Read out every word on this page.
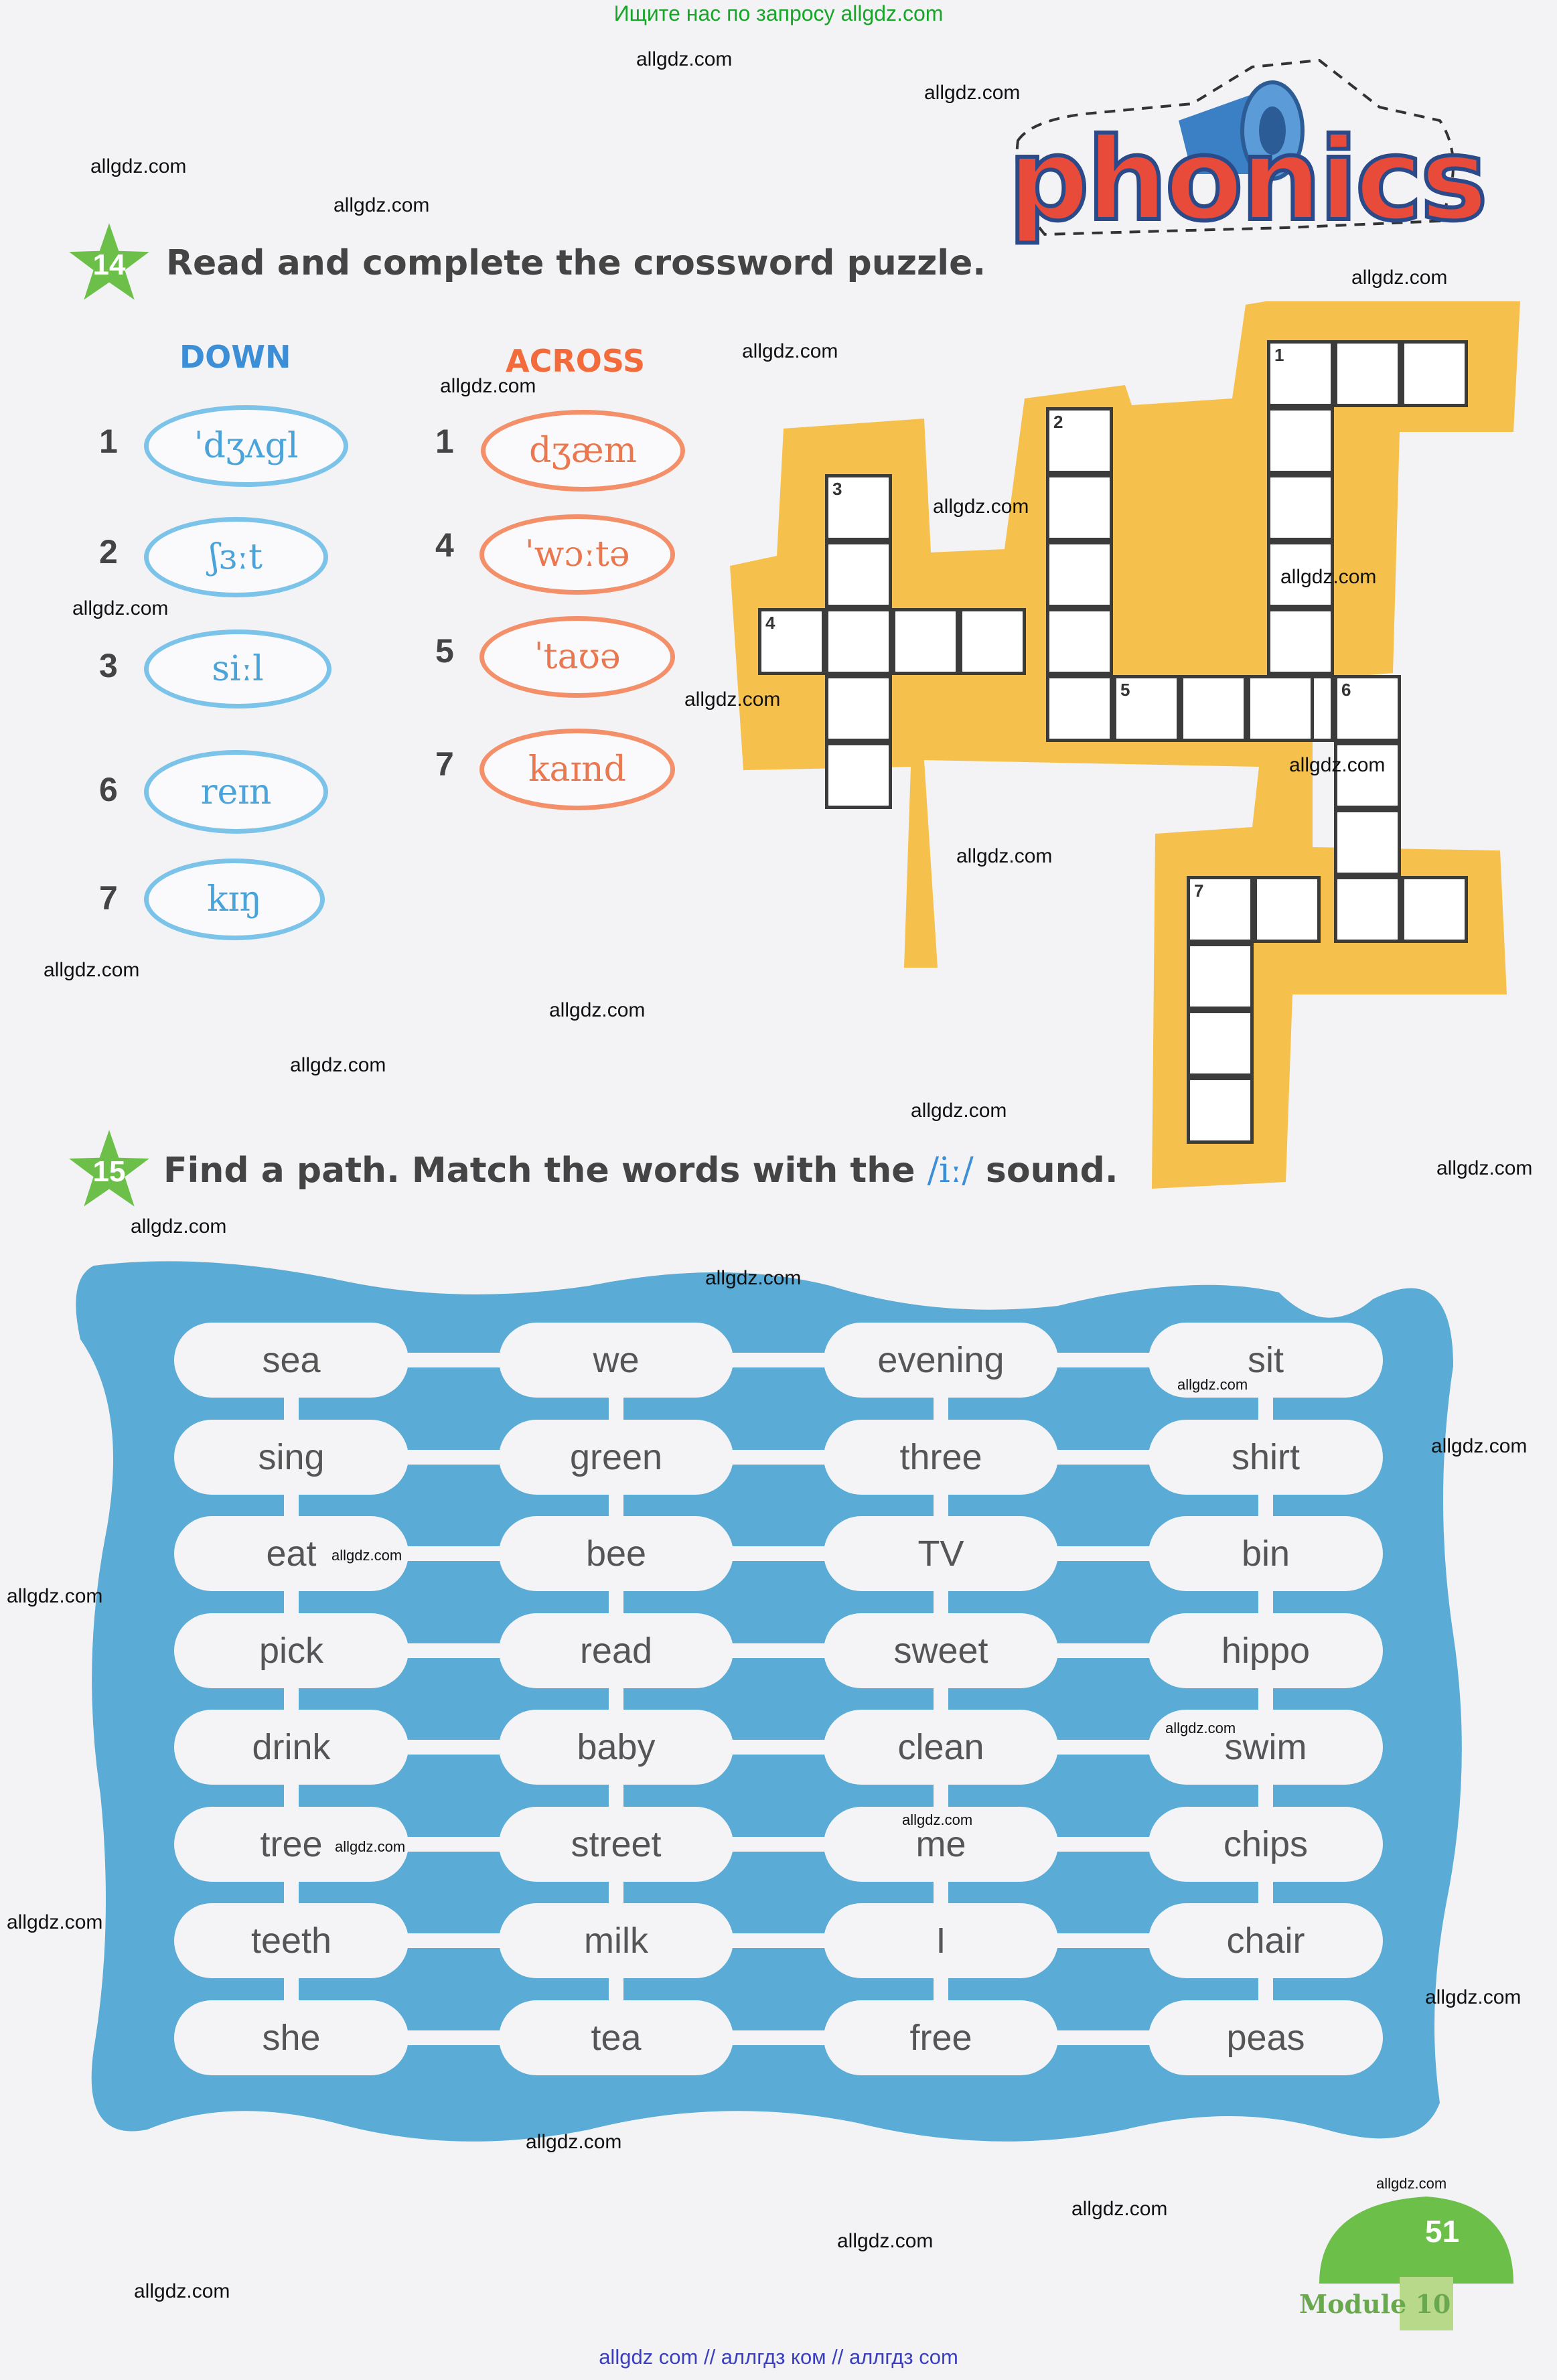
Ищите нас по запросу allgdz.com
allgdz com // аллгдз ком // аллгдз com
phonics
14	Read and complete the crossword puzzle.
DOWN	ACROSS
1	ˈdʒʌgl
2	ʃɜːt
3	siːl
6	reɪn
7	kɪŋ
1	dʒæm
4	ˈwɔːtə
5	ˈtaʊə
7	kaɪnd
1
2
3
4
5	6
7
15	Find a path. Match the words with the /iː/ sound.
sea	we	evening	sit
sing	green	three	shirt
eat	bee	TV	bin
pick	read	sweet	hippo
drink	baby	clean	swim
tree	street	me	chips
teeth	milk	I	chair
she	tea	free	peas
51
Module 10
allgdz.com
allgdz.com
allgdz.com
allgdz.com
allgdz.com
allgdz.com
allgdz.com
allgdz.com
allgdz.com
allgdz.com
allgdz.com
allgdz.com
allgdz.com
allgdz.com
allgdz.com
allgdz.com
allgdz.com
allgdz.com
allgdz.com
allgdz.com
allgdz.com
allgdz.com
allgdz.com
allgdz.com
allgdz.com
allgdz.com
allgdz.com
allgdz.com
allgdz.com
allgdz.com
allgdz.com
allgdz.com
allgdz.com
allgdz.com
